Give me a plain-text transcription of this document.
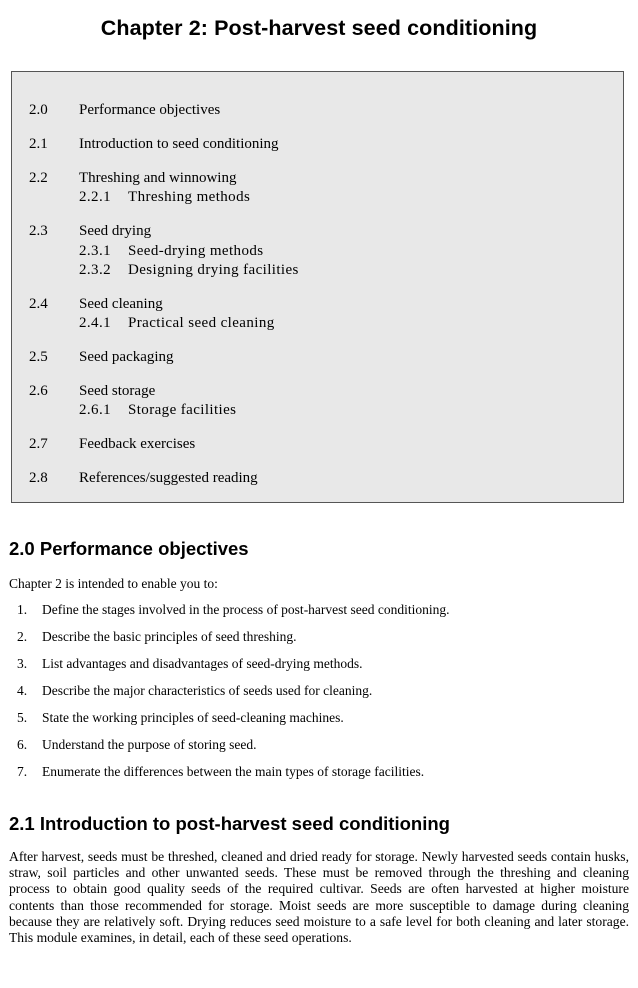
Chapter 2: Post-harvest seed conditioning
2.0 Performance objectives
2.1 Introduction to seed conditioning
2.2 Threshing and winnowing
2.2.1 Threshing methods
2.3 Seed drying
2.3.1 Seed-drying methods
2.3.2 Designing drying facilities
2.4 Seed cleaning
2.4.1 Practical seed cleaning
2.5 Seed packaging
2.6 Seed storage
2.6.1 Storage facilities
2.7 Feedback exercises
2.8 References/suggested reading
2.0 Performance objectives
Chapter 2 is intended to enable you to:
1. Define the stages involved in the process of post-harvest seed conditioning.
2. Describe the basic principles of seed threshing.
3. List advantages and disadvantages of seed-drying methods.
4. Describe the major characteristics of seeds used for cleaning.
5. State the working principles of seed-cleaning machines.
6. Understand the purpose of storing seed.
7. Enumerate the differences between the main types of storage facilities.
2.1 Introduction to post-harvest seed conditioning
After harvest, seeds must be threshed, cleaned and dried ready for storage. Newly harvested seeds contain husks, straw, soil particles and other unwanted seeds. These must be removed through the threshing and cleaning process to obtain good quality seeds of the required cultivar. Seeds are often harvested at higher moisture contents than those recommended for storage. Moist seeds are more susceptible to damage during cleaning because they are relatively soft. Drying reduces seed moisture to a safe level for both cleaning and later storage. This module examines, in detail, each of these seed operations.
